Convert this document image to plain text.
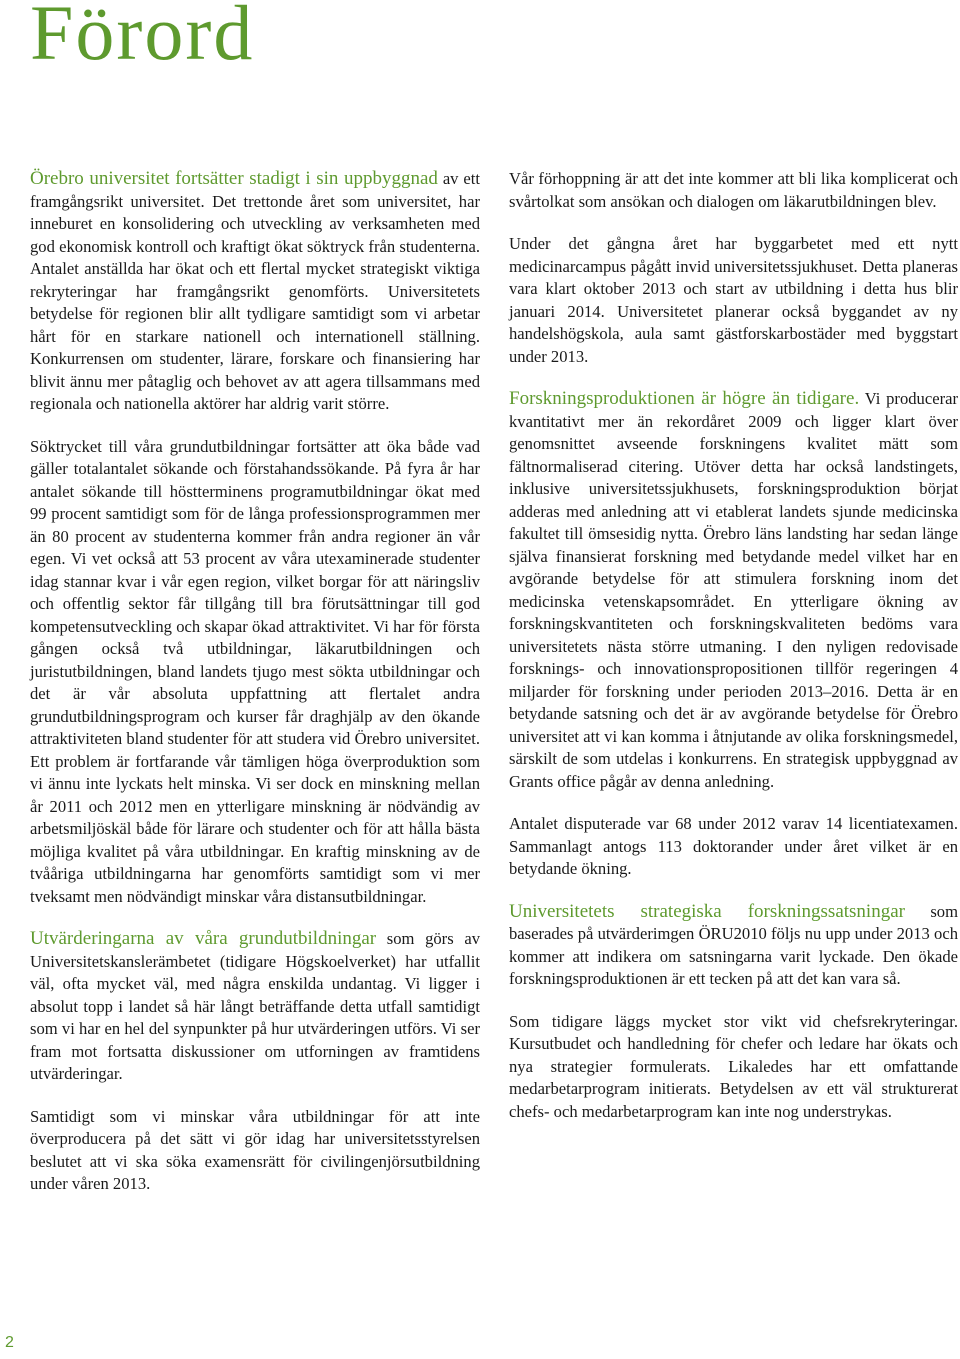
Förord

Örebro universitet fortsätter stadigt i sin uppbyggnad av ett framgångsrikt universitet. Det trettonde året som universitet, har inneburet en konsolidering och utveckling av verksamheten med god ekonomisk kontroll och kraftigt ökat söktryck från studenterna. Antalet anställda har ökat och ett flertal mycket strategiskt viktiga rekryteringar har framgångsrikt genomförts. Universitetets betydelse för regionen blir allt tydligare samtidigt som vi arbetar hårt för en starkare nationell och internationell ställning. Konkurrensen om studenter, lärare, forskare och finansiering har blivit ännu mer påtaglig och behovet av att agera tillsammans med regionala och nationella aktörer har aldrig varit större.

Söktrycket till våra grundutbildningar fortsätter att öka både vad gäller totalantalet sökande och förstahandssökande. På fyra år har antalet sökande till höstterminens programutbildningar ökat med 99 procent samtidigt som för de långa professionsprogrammen mer än 80 procent av studenterna kommer från andra regioner än vår egen. Vi vet också att 53 procent av våra utexaminerade studenter idag stannar kvar i vår egen region, vilket borgar för att näringsliv och offentlig sektor får tillgång till bra förutsättningar till god kompetensutveckling och skapar ökad attraktivitet. Vi har för första gången också två utbildningar, läkarutbildningen och juristutbildningen, bland landets tjugo mest sökta utbildningar och det är vår absoluta uppfattning att flertalet andra grundutbildningsprogram och kurser får draghjälp av den ökande attraktiviteten bland studenter för att studera vid Örebro universitet. Ett problem är fortfarande vår tämligen höga överproduktion som vi ännu inte lyckats helt minska. Vi ser dock en minskning mellan år 2011 och 2012 men en ytterligare minskning är nödvändig av arbetsmiljöskäl både för lärare och studenter och för att hålla bästa möjliga kvalitet på våra utbildningar. En kraftig minskning av de tvååriga utbildningarna har genomförts samtidigt som vi mer tveksamt men nödvändigt minskar våra distansutbildningar.

Utvärderingarna av våra grundutbildningar som görs av Universitetskanslerämbetet (tidigare Högskoelverket) har utfallit väl, ofta mycket väl, med några enskilda undantag. Vi ligger i absolut topp i landet så här långt beträffande detta utfall samtidigt som vi har en hel del synpunkter på hur utvärderingen utförs. Vi ser fram mot fortsatta diskussioner om utforningen av framtidens utvärderingar.

Samtidigt som vi minskar våra utbildningar för att inte överproducera på det sätt vi gör idag har universitetsstyrelsen beslutet att vi ska söka examensrätt för civilingenjörsutbildning under våren 2013.

Vår förhoppning är att det inte kommer att bli lika komplicerat och svårtolkat som ansökan och dialogen om läkarutbildningen blev.

Under det gångna året har byggarbetet med ett nytt medicinarcampus pågått invid universitetssjukhuset. Detta planeras vara klart oktober 2013 och start av utbildning i detta hus blir januari 2014. Universitetet planerar också byggandet av ny handelshögskola, aula samt gästforskarbostäder med byggstart under 2013.

Forskningsproduktionen är högre än tidigare. Vi producerar kvantitativt mer än rekordåret 2009 och ligger klart över genomsnittet avseende forskningens kvalitet mätt som fältnormaliserad citering. Utöver detta har också landstingets, inklusive universitetssjukhusets, forskningsproduktion börjat adderas med anledning att vi etablerat landets sjunde medicinska fakultet till ömsesidig nytta. Örebro läns landsting har sedan länge själva finansierat forskning med betydande medel vilket har en avgörande betydelse för att stimulera forskning inom det medicinska vetenskapsområdet. En ytterligare ökning av forskningskvantiteten och forskningskvaliteten bedöms vara universitetets nästa större utmaning. I den nyligen redovisade forsknings- och innovationspropositionen tillför regeringen 4 miljarder för forskning under perioden 2013–2016. Detta är en betydande satsning och det är av avgörande betydelse för Örebro universitet att vi kan komma i åtnjutande av olika forskningsmedel, särskilt de som utdelas i konkurrens. En strategisk uppbyggnad av Grants office pågår av denna anledning.

Antalet disputerade var 68 under 2012 varav 14 licentiatexamen. Sammanlagt antogs 113 doktorander under året vilket är en betydande ökning.

Universitetets strategiska forskningssatsningar som baserades på utvärderimgen ÖRU2010 följs nu upp under 2013 och kommer att indikera om satsningarna varit lyckade. Den ökade forskningsproduktionen är ett tecken på att det kan vara så.

Som tidigare läggs mycket stor vikt vid chefsrekryteringar. Kursutbudet och handledning för chefer och ledare har ökats och nya strategier formulerats. Likaledes har ett omfattande medarbetarprogram initierats. Betydelsen av ett väl strukturerat chefs- och medarbetarprogram kan inte nog understrykas.

2
